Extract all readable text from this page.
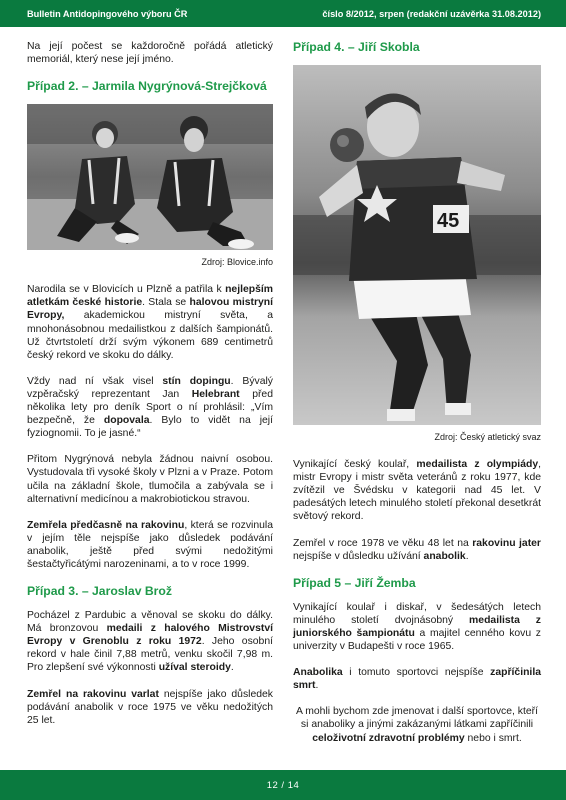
Bulletin Antidopingového výboru ČR	číslo 8/2012, srpen (redakční uzávěrka 31.08.2012)

Na její počest se každoročně pořádá atletický memoriál, který nese její jméno.

Případ 2. – Jarmila Nygrýnová-Strejčková
Zdroj: Blovice.info

Narodila se v Blovicích u Plzně a patřila k nejlepším atletkám české historie. Stala se halovou mistryní Evropy, akademickou mistryní světa, a mnohonásobnou medailistkou z dalších šampionátů. Už čtvrtstoletí drží svým výkonem 689 centimetrů český rekord ve skoku do dálky.

Vždy nad ní však visel stín dopingu. Bývalý vzpěračský reprezentant Jan Helebrant před několika lety pro deník Sport o ní prohlásil: „Vím bezpečně, že dopovala. Bylo to vidět na její fyziognomii. To je jasné.“

Přitom Nygrýnová nebyla žádnou naivní osobou. Vystudovala tři vysoké školy v Plzni a v Praze. Potom učila na základní škole, tlumočila a zabývala se i alternativní medicínou a makrobiotickou stravou.

Zemřela předčasně na rakovinu, která se rozvinula v jejím těle nejspíše jako důsledek podávání anabolik, ještě před svými nedožitými šestačtyřicátými narozeninami, a to v roce 1999.

Případ 3. – Jaroslav Brož

Pocházel z Pardubic a věnoval se skoku do dálky. Má bronzovou medaili z halového Mistrovství Evropy v Grenoblu z roku 1972. Jeho osobní rekord v hale činil 7,88 metrů, venku skočil 7,98 m. Pro zlepšení své výkonnosti užíval steroidy.

Zemřel na rakovinu varlat nejspíše jako důsledek podávání anabolik v roce 1975 ve věku nedožitých 25 let.

Případ 4. – Jiří Skobla
45
Zdroj: Český atletický svaz

Vynikající český koulař, medailista z olympiády, mistr Evropy i mistr světa veteránů z roku 1977, kde zvítězil ve Švédsku v kategorii nad 45 let. V padesátých letech minulého století překonal desetkrát světový rekord.

Zemřel v roce 1978 ve věku 48 let na rakovinu jater nejspíše v důsledku užívání anabolik.

Případ 5 – Jiří Žemba

Vynikající koulař i diskař, v šedesátých letech minulého století dvojnásobný medailista z juniorského šampionátu a majitel cenného kovu z univerzity v Budapešti v roce 1965.

Anabolika i tomuto sportovci nejspíše zapříčinila smrt.

A mohli bychom zde jmenovat i další sportovce, kteří si anaboliky a jinými zakázanými látkami zapříčinili celoživotní zdravotní problémy nebo i smrt.

12 / 14
